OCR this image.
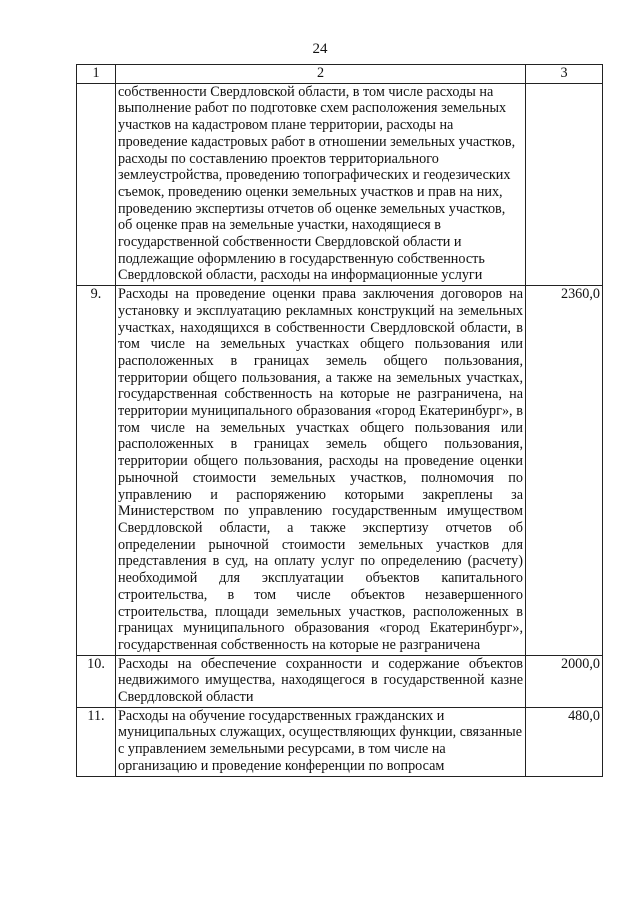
24
1	2	3
	собственности Свердловской области, в том числе расходы на выполнение работ по подготовке схем расположения земельных участков на кадастровом плане территории, расходы на проведение кадастровых работ в отношении земельных участков, расходы по составлению проектов территориального землеустройства, проведению топографических и геодезических съемок, проведению оценки земельных участков и прав на них, проведению экспертизы отчетов об оценке земельных участков, об оценке прав на земельные участки, находящиеся в государственной собственности Свердловской области и подлежащие оформлению в государственную собственность Свердловской области, расходы на информационные услуги	
9.	Расходы на проведение оценки права заключения договоров на установку и эксплуатацию рекламных конструкций на земельных участках, находящихся в собственности Свердловской области, в том числе на земельных участках общего пользования или расположенных в границах земель общего пользования, территории общего пользования, а также на земельных участках, государственная собственность на которые не разграничена, на территории муниципального образования «город Екатеринбург», в том числе на земельных участках общего пользования или расположенных в границах земель общего пользования, территории общего пользования, расходы на проведение оценки рыночной стоимости земельных участков, полномочия по управлению и распоряжению которыми закреплены за Министерством по управлению государственным имуществом Свердловской области, а также экспертизу отчетов об определении рыночной стоимости земельных участков для представления в суд, на оплату услуг по определению (расчету) необходимой для эксплуатации объектов капитального строительства, в том числе объектов незавершенного строительства, площади земельных участков, расположенных в границах муниципального образования «город Екатеринбург», государственная собственность на которые не разграничена	2360,0
10.	Расходы на обеспечение сохранности и содержание объектов недвижимого имущества, находящегося в государственной казне Свердловской области	2000,0
11.	Расходы на обучение государственных гражданских и муниципальных служащих, осуществляющих функции, связанные с управлением земельными ресурсами, в том числе на организацию и проведение конференции по вопросам	480,0
